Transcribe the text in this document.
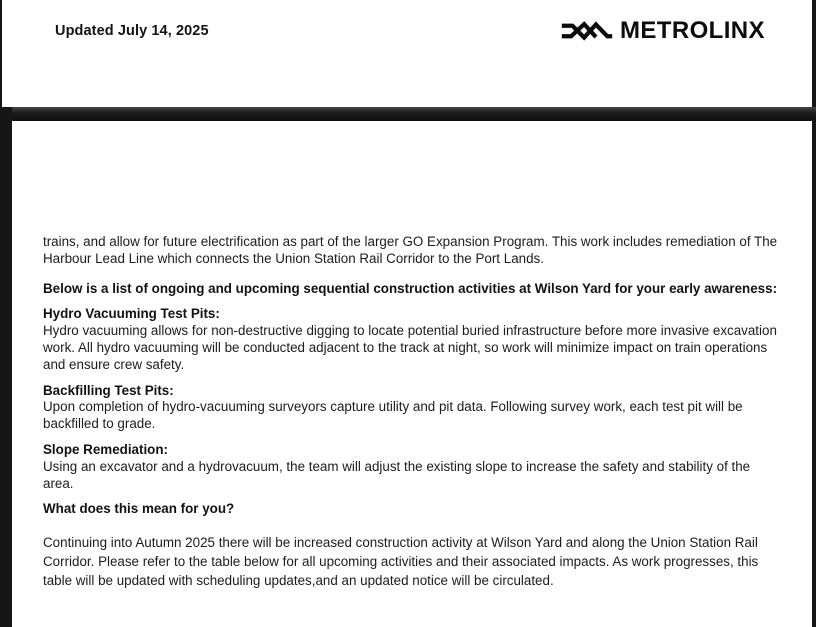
Updated July 14, 2025	METROLINX

trains, and allow for future electrification as part of the larger GO Expansion Program. This work includes remediation of The Harbour Lead Line which connects the Union Station Rail Corridor to the Port Lands.

Below is a list of ongoing and upcoming sequential construction activities at Wilson Yard for your early awareness:

Hydro Vacuuming Test Pits:
Hydro vacuuming allows for non-destructive digging to locate potential buried infrastructure before more invasive excavation work. All hydro vacuuming will be conducted adjacent to the track at night, so work will minimize impact on train operations and ensure crew safety.
Backfilling Test Pits:
Upon completion of hydro-vacuuming surveyors capture utility and pit data. Following survey work, each test pit will be backfilled to grade.
Slope Remediation:
Using an excavator and a hydrovacuum, the team will adjust the existing slope to increase the safety and stability of the area.

What does this mean for you?

Continuing into Autumn 2025 there will be increased construction activity at Wilson Yard and along the Union Station Rail Corridor. Please refer to the table below for all upcoming activities and their associated impacts. As work progresses, this table will be updated with scheduling updates,and an updated notice will be circulated.
